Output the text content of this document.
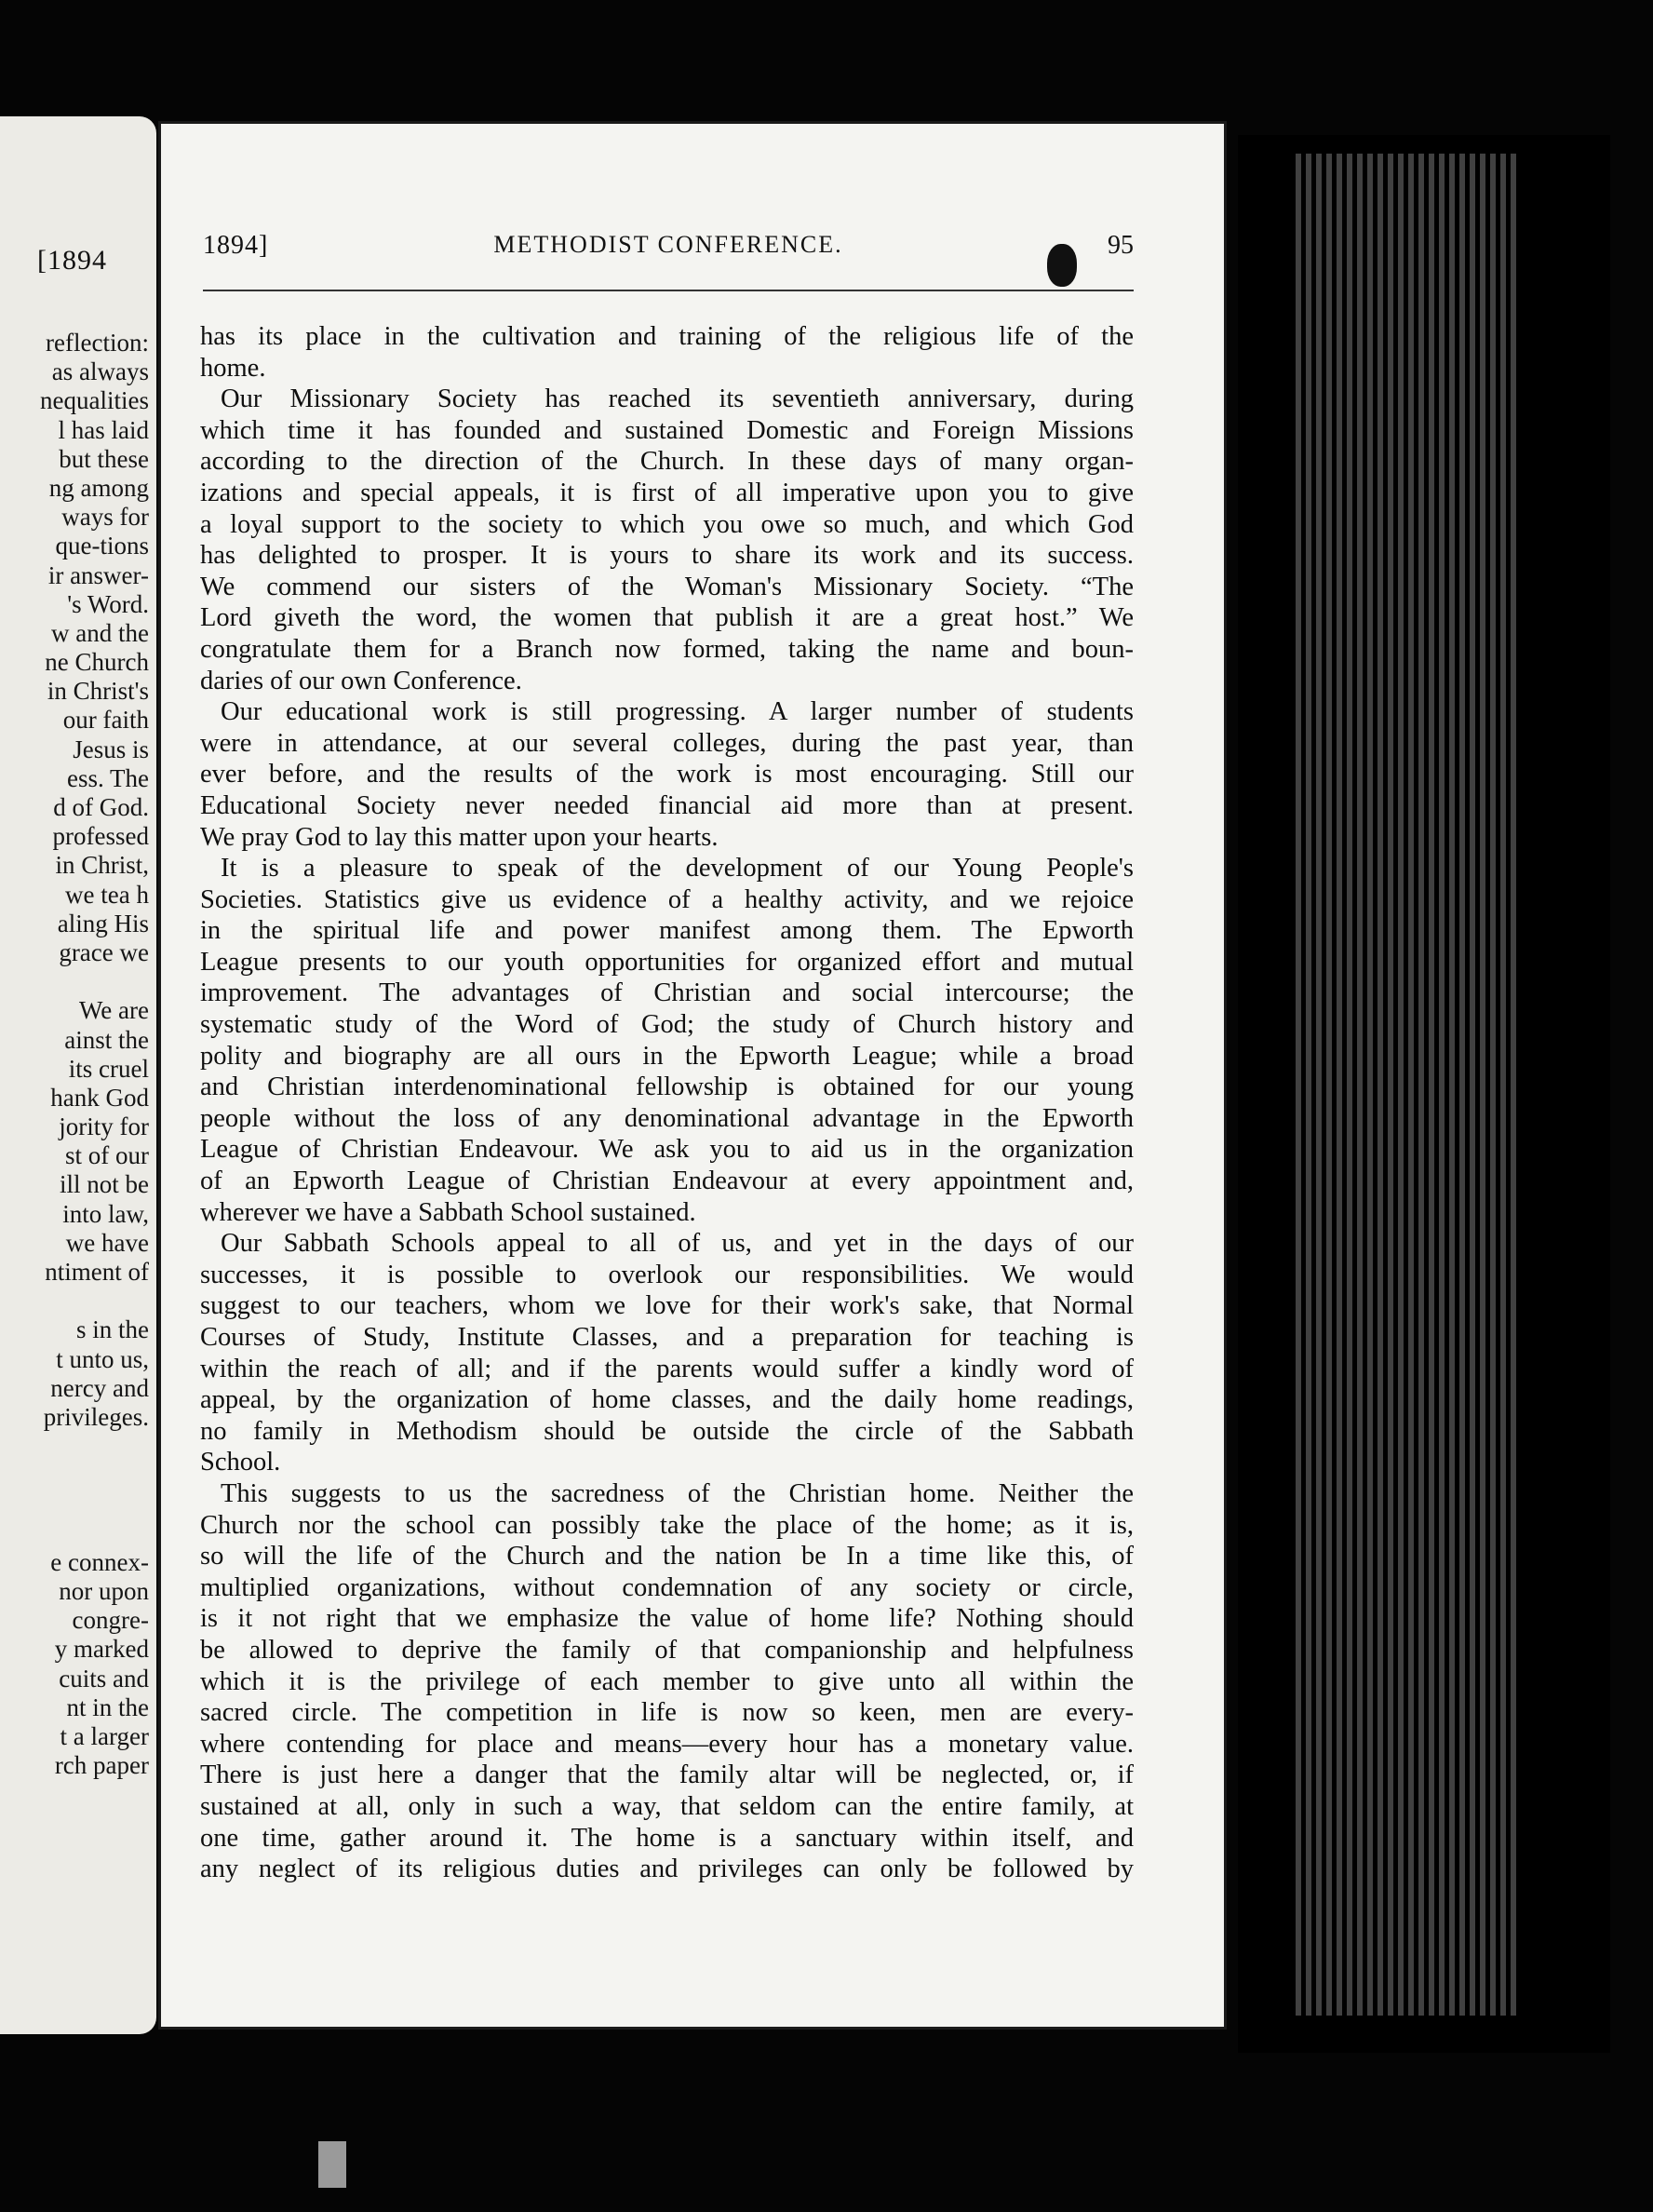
[1894
reflection:
as always
nequalities
l has laid
but these
ng among
ways for
que-tions
ir answer-
's Word.
w and the
ne Church
in Christ's
our faith
Jesus is
ess. The
d of God.
professed
in Christ,
we tea h
aling His
grace we
We are
ainst the
its cruel
hank God
jority for
st of our
ill not be
into law,
we have
ntiment of
s in the
t unto us,
nercy and
privileges.
e connex-
nor upon
congre-
y marked
cuits and
nt in the
t a larger
rch paper
1894]	METHODIST CONFERENCE.	95
has its place in the cultivation and training of the religious life of the
home.
Our Missionary Society has reached its seventieth anniversary, during
which time it has founded and sustained Domestic and Foreign Missions
according to the direction of the Church. In these days of many organ-
izations and special appeals, it is first of all imperative upon you to give
a loyal support to the society to which you owe so much, and which God
has delighted to prosper. It is yours to share its work and its success.
We commend our sisters of the Woman's Missionary Society. “The
Lord giveth the word, the women that publish it are a great host.” We
congratulate them for a Branch now formed, taking the name and boun-
daries of our own Conference.
Our educational work is still progressing. A larger number of students
were in attendance, at our several colleges, during the past year, than
ever before, and the results of the work is most encouraging. Still our
Educational Society never needed financial aid more than at present.
We pray God to lay this matter upon your hearts.
It is a pleasure to speak of the development of our Young People's
Societies. Statistics give us evidence of a healthy activity, and we rejoice
in the spiritual life and power manifest among them. The Epworth
League presents to our youth opportunities for organized effort and mutual
improvement. The advantages of Christian and social intercourse; the
systematic study of the Word of God; the study of Church history and
polity and biography are all ours in the Epworth League; while a broad
and Christian interdenominational fellowship is obtained for our young
people without the loss of any denominational advantage in the Epworth
League of Christian Endeavour. We ask you to aid us in the organization
of an Epworth League of Christian Endeavour at every appointment and,
wherever we have a Sabbath School sustained.
Our Sabbath Schools appeal to all of us, and yet in the days of our
successes, it is possible to overlook our responsibilities. We would
suggest to our teachers, whom we love for their work's sake, that Normal
Courses of Study, Institute Classes, and a preparation for teaching is
within the reach of all; and if the parents would suffer a kindly word of
appeal, by the organization of home classes, and the daily home readings,
no family in Methodism should be outside the circle of the Sabbath
School.
This suggests to us the sacredness of the Christian home. Neither the
Church nor the school can possibly take the place of the home; as it is,
so will the life of the Church and the nation be In a time like this, of
multiplied organizations, without condemnation of any society or circle,
is it not right that we emphasize the value of home life? Nothing should
be allowed to deprive the family of that companionship and helpfulness
which it is the privilege of each member to give unto all within the
sacred circle. The competition in life is now so keen, men are every-
where contending for place and means—every hour has a monetary value.
There is just here a danger that the family altar will be neglected, or, if
sustained at all, only in such a way, that seldom can the entire family, at
one time, gather around it. The home is a sanctuary within itself, and
any neglect of its religious duties and privileges can only be followed by
